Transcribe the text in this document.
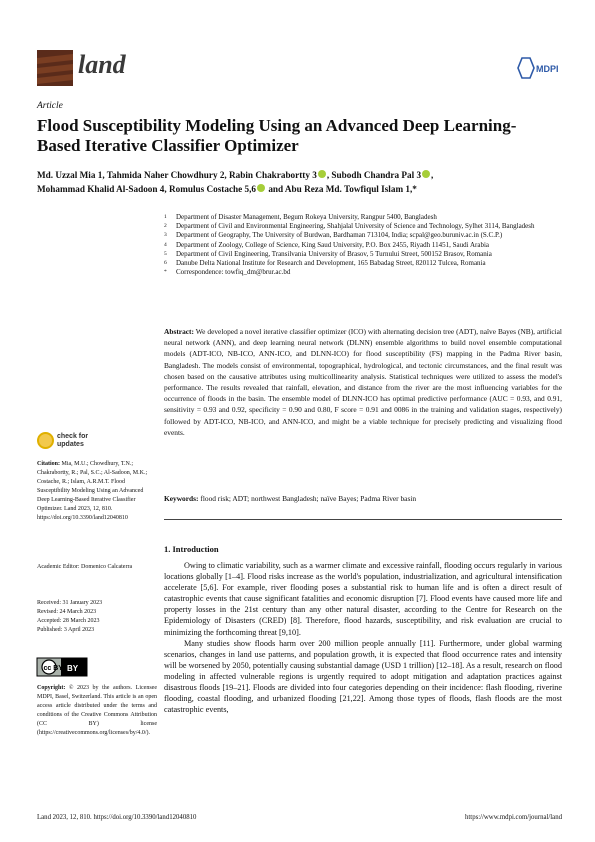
land	MDPI
Article
Flood Susceptibility Modeling Using an Advanced Deep Learning-Based Iterative Classifier Optimizer
Md. Uzzal Mia 1, Tahmida Naher Chowdhury 2, Rabin Chakrabortty 3 , Subodh Chandra Pal 3 ,
Mohammad Khalid Al-Sadoon 4, Romulus Costache 5,6 and Abu Reza Md. Towfiqul Islam 1,*
1	Department of Disaster Management, Begum Rokeya University, Rangpur 5400, Bangladesh
2	Department of Civil and Environmental Engineering, Shahjalal University of Science and Technology, Sylhet 3114, Bangladesh
3	Department of Geography, The University of Burdwan, Bardhaman 713104, India; scpal@geo.buruniv.ac.in (S.C.P.)
4	Department of Zoology, College of Science, King Saud University, P.O. Box 2455, Riyadh 11451, Saudi Arabia
5	Department of Civil Engineering, Transilvania University of Brasov, 5 Turnului Street, 500152 Brasov, Romania
6	Danube Delta National Institute for Research and Development, 165 Babadag Street, 820112 Tulcea, Romania
*	Correspondence: towfiq_dm@brur.ac.bd
Abstract: We developed a novel iterative classifier optimizer (ICO) with alternating decision tree (ADT), naïve Bayes (NB), artificial neural network (ANN), and deep learning neural network (DLNN) ensemble algorithms to build novel ensemble computational models (ADT-ICO, NB-ICO, ANN-ICO, and DLNN-ICO) for flood susceptibility (FS) mapping in the Padma River basin, Bangladesh. The models consist of environmental, topographical, hydrological, and tectonic circumstances, and the final result was chosen based on the causative attributes using multicollinearity analysis. Statistical techniques were utilized to assess the model's performance. The results revealed that rainfall, elevation, and distance from the river are the most influencing variables for the occurrence of floods in the basin. The ensemble model of DLNN-ICO has optimal predictive performance (AUC = 0.93, and 0.91, sensitivity = 0.93 and 0.92, specificity = 0.90 and 0.80, F score = 0.91 and 0086 in the training and validation stages, respectively) followed by ADT-ICO, NB-ICO, and ANN-ICO, and might be a viable technique for precisely predicting and visualizing flood events.
Keywords: flood risk; ADT; northwest Bangladesh; naïve Bayes; Padma River basin
check for
updates
Citation: Mia, M.U.; Chowdhury, T.N.; Chakrabortty, R.; Pal, S.C.; Al-Sadoon, M.K.; Costache, R.; Islam, A.R.M.T. Flood Susceptibility Modeling Using an Advanced Deep Learning-Based Iterative Classifier Optimizer. Land 2023, 12, 810. https://doi.org/10.3390/land12040810
Academic Editor: Domenico Calcaterra
Received: 31 January 2023
Revised: 24 March 2023
Accepted: 28 March 2023
Published: 3 April 2023
cc BY BY
Copyright: © 2023 by the authors. Licensee MDPI, Basel, Switzerland. This article is an open access article distributed under the terms and conditions of the Creative Commons Attribution (CC BY) license (https://creativecommons.org/licenses/by/4.0/).
1. Introduction

Owing to climatic variability, such as a warmer climate and excessive rainfall, flooding occurs regularly in various locations globally [1–4]. Flood risks increase as the world's population, industrialization, and agricultural intensification accelerate [5,6]. For example, river flooding poses a substantial risk to human life and is often a direct result of catastrophic events that cause significant fatalities and economic disruption [7]. Flood events have caused more life and property losses in the 21st century than any other natural disaster, according to the Centre for Research on the Epidemiology of Disasters (CRED) [8]. Therefore, flood hazards, susceptibility, and risk evaluation are crucial to minimizing the forthcoming threat [9,10].

Many studies show floods harm over 200 million people annually [11]. Furthermore, under global warming scenarios, changes in land use patterns, and population growth, it is expected that flood occurrence rates and intensity will be worsened by 2050, potentially causing substantial damage (USD 1 trillion) [12–18]. As a result, research on flood modeling in affected vulnerable regions is urgently required to adopt mitigation and adaptation practices against disastrous floods [19–21]. Floods are divided into four categories depending on their incidence: flash flooding, riverine flooding, coastal flooding, and urbanized flooding [21,22]. Among those types of floods, flash floods are the most catastrophic events,

Land 2023, 12, 810. https://doi.org/10.3390/land12040810	https://www.mdpi.com/journal/land
